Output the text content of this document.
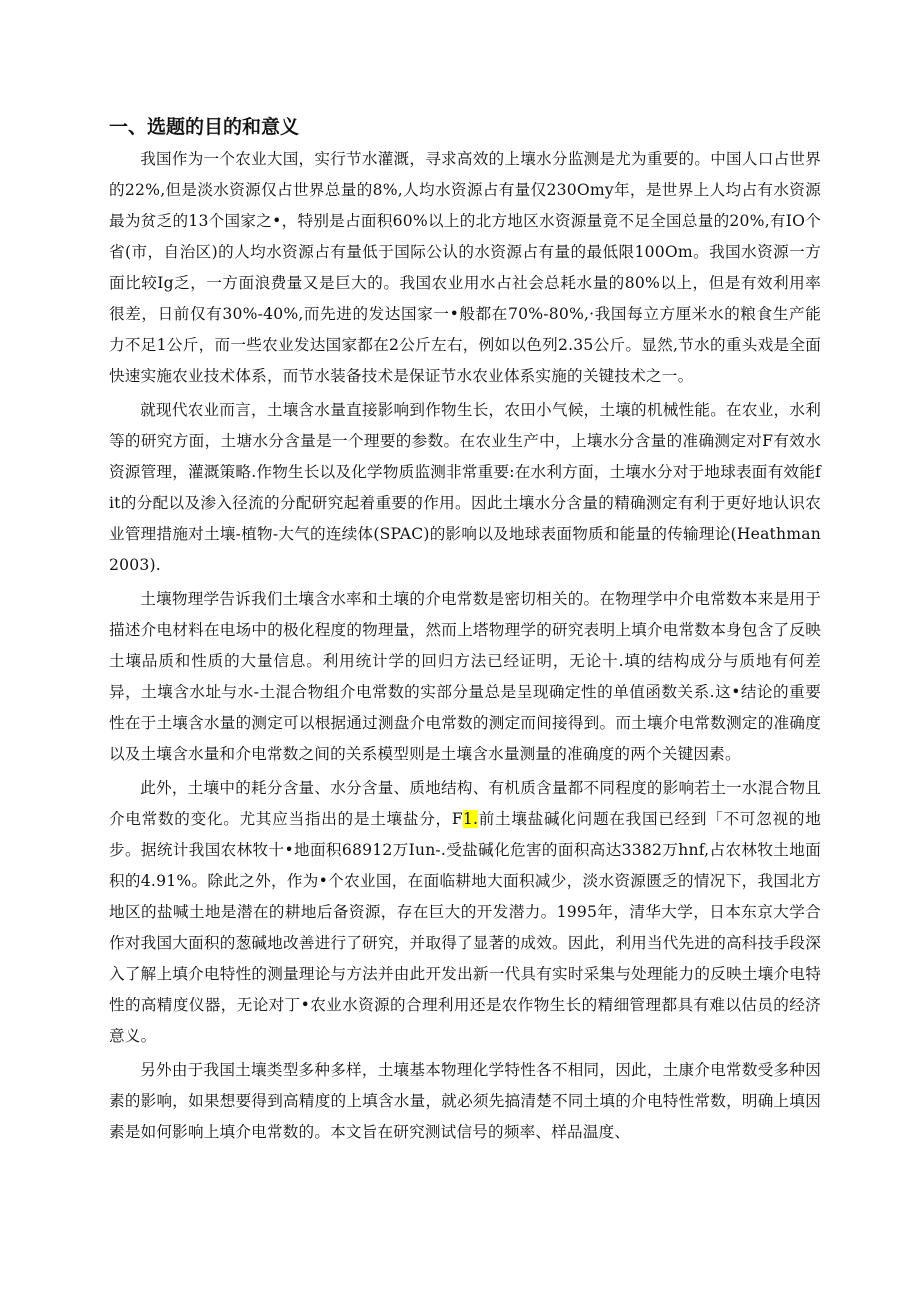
一、选题的目的和意义

我国作为一个农业大国，实行节水灌溉，寻求高效的上壤水分监测是尤为重要的。中国人口占世界的22%,但是淡水资源仅占世界总量的8%,人均水资源占有量仅230Omy年，是世界上人均占有水资源最为贫乏的13个国家之•，特别是占面积60%以上的北方地区水资源量竟不足全国总量的20%,有IO个省(市，自治区)的人均水资源占有量低于国际公认的水资源占有量的最低限100Om。我国水资源一方面比较Ig乏，一方面浪费量又是巨大的。我国农业用水占社会总耗水量的80%以上，但是有效利用率很差，日前仅有30%-40%,而先进的发达国家一•般都在70%-80%,·我国每立方厘米水的粮食生产能力不足1公斤，而一些农业发达国家都在2公斤左右，例如以色列2.35公斤。显然,节水的重头戏是全面快速实施农业技术体系，而节水装备技术是保证节水农业体系实施的关键技术之一。

就现代农业而言，土壤含水量直接影响到作物生长，农田小气候，土壤的机械性能。在农业，水利等的研究方面，土塘水分含量是一个理要的参数。在农业生产中，上壤水分含量的准确测定对F有效水资源管理，灌溉策略.作物生长以及化学物质监测非常重要:在水利方面，土壤水分对于地球表面有效能fit的分配以及渗入径流的分配研究起着重要的作用。因此土壤水分含量的精确测定有利于更好地认识农业管理措施对土壤-植物-大气的连续体(SPAC)的影响以及地球表面物质和能量的传输理论(Heathman2003).

土壤物理学告诉我们土壤含水率和土壤的介电常数是密切相关的。在物理学中介电常数本来是用于描述介电材料在电场中的极化程度的物理量，然而上塔物理学的研究表明上填介电常数本身包含了反映土壤品质和性质的大量信息。利用统计学的回归方法已经证明，无论十.填的结构成分与质地有何差异，土壤含水址与水-土混合物组介电常数的实部分量总是呈现确定性的单值函数关系.这•结论的重要性在于土壤含水量的测定可以根据通过测盘介电常数的测定而间接得到。而土壤介电常数测定的准确度以及土壤含水量和介电常数之间的关系模型则是土壤含水量测量的准确度的两个关键因素。

此外，土壤中的耗分含量、水分含量、质地结构、有机质含量都不同程度的影响若土一水混合物且介电常数的变化。尤其应当指出的是土壤盐分，F1.前土壤盐碱化问题在我国已经到「不可忽视的地步。据统计我国农林牧十•地面积68912万Iun-.受盐碱化危害的面积高达3382万hnf,占农林牧土地面积的4.91%。除此之外，作为•个农业国，在面临耕地大面积减少，淡水资源匮乏的情况下，我国北方地区的盐喊土地是潜在的耕地后备资源，存在巨大的开发潜力。1995年，清华大学，日本东京大学合作对我国大面积的葱碱地改善进行了研究，并取得了显著的成效。因此，利用当代先进的高科技手段深入了解上填介电特性的测量理论与方法并由此开发出新一代具有实时采集与处理能力的反映土壤介电特性的高精度仪器，无论对丁•农业水资源的合理利用还是农作物生长的精细管理都具有难以估员的经济意义。

另外由于我国土壤类型多种多样，土壤基本物理化学特性各不相同，因此，土康介电常数受多种因素的影响，如果想要得到高精度的上填含水量，就必须先搞清楚不同土填的介电特性常数，明确上填因素是如何影响上填介电常数的。本文旨在研究测试信号的频率、样品温度、
